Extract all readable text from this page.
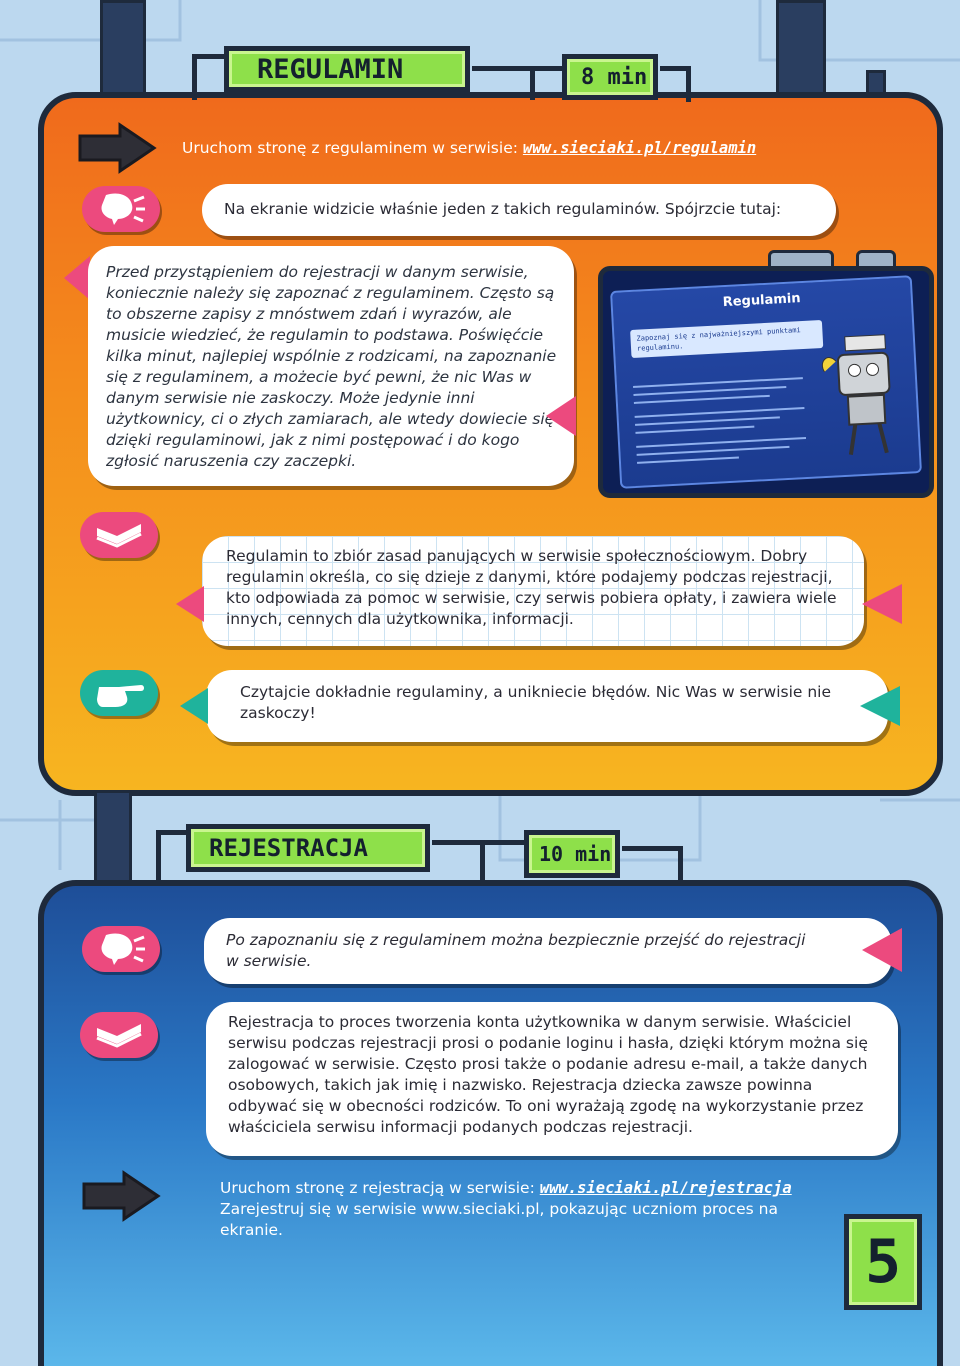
REGULAMIN	8 min
Uruchom stronę z regulaminem w serwisie: www.sieciaki.pl/regulamin
Na ekranie widzicie właśnie jeden z takich regulaminów. Spójrzcie tutaj:
Przed przystąpieniem do rejestracji w danym serwisie, koniecznie należy się zapoznać z regulaminem. Często są to obszerne zapisy z mnóstwem zdań i wyrazów, ale musicie wiedzieć, że regulamin to podstawa. Poświęćcie kilka minut, najlepiej wspólnie z rodzicami, na zapoznanie się z regulaminem, a możecie być pewni, że nic Was w danym serwisie nie zaskoczy. Może jedynie inni użytkownicy, ci o złych zamiarach, ale wtedy dowiecie się dzięki regulaminowi, jak z nimi postępować i do kogo zgłosić naruszenia czy zaczepki.
Regulamin
Zapoznaj się z najważniejszymi punktami regulaminu.
Regulamin to zbiór zasad panujących w serwisie społecznościowym. Dobry regulamin określa, co się dzieje z danymi, które podajemy podczas rejestracji, kto odpowiada za pomoc w serwisie, czy serwis pobiera opłaty, i zawiera wiele innych, cennych dla użytkownika, informacji.
Czytajcie dokładnie regulaminy, a unikniecie błędów. Nic Was w serwisie nie zaskoczy!
REJESTRACJA	10 min
Po zapoznaniu się z regulaminem można bezpiecznie przejść do rejestracji w serwisie.
Rejestracja to proces tworzenia konta użytkownika w danym serwisie. Właściciel serwisu podczas rejestracji prosi o podanie loginu i hasła, dzięki którym można się zalogować w serwisie. Często prosi także o podanie adresu e-mail, a także danych osobowych, takich jak imię i nazwisko. Rejestracja dziecka zawsze powinna odbywać się w obecności rodziców. To oni wyrażają zgodę na wykorzystanie przez właściciela serwisu informacji podanych podczas rejestracji.
Uruchom stronę z rejestracją w serwisie: www.sieciaki.pl/rejestracja
Zarejestruj się w serwisie www.sieciaki.pl, pokazując uczniom proces na ekranie.	5
